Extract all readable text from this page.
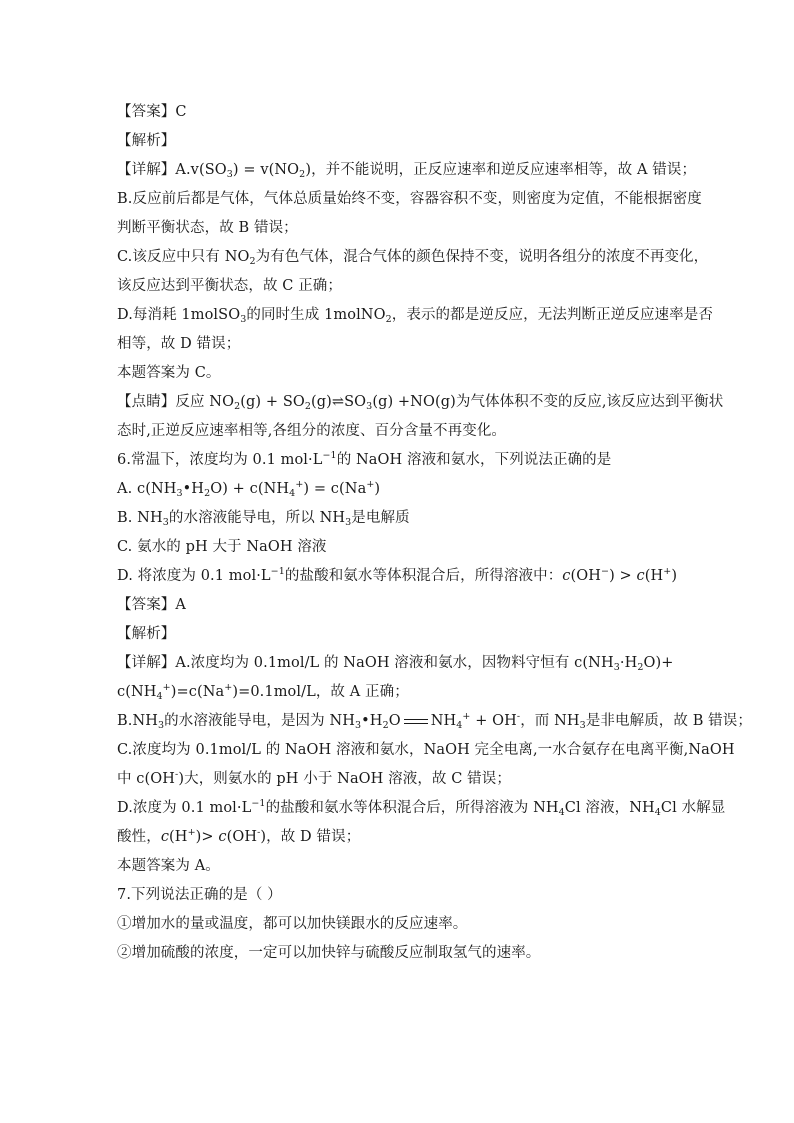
【答案】C
【解析】
【详解】$A.v(SO_3) = v(NO_2)$，并不能说明，正反应速率和逆反应速率相等，故 A 错误；
B.反应前后都是气体，气体总质量始终不变，容器容积不变，则密度为定值，不能根据密度
判断平衡状态，故 B 错误；
C.该反应中只有 $NO_2$为有色气体，混合气体的颜色保持不变，说明各组分的浓度不再变化，
该反应达到平衡状态，故 C 正确；
D.每消耗 1molSO$_3$的同时生成 1molNO$_2$，表示的都是逆反应，无法判断正逆反应速率是否
相等，故 D 错误；
本题答案为 C。
【点睛】反应 $NO_2(g)$ + $SO_2(g)\rightleftharpoons SO_3(g) +NO(g)$为气体体积不变的反应,该反应达到平衡状
态时,正逆反应速率相等,各组分的浓度、百分含量不再变化。
6.常温下，浓度均为 0.1 $mol\cdot L^{-1}$的 NaOH 溶液和氨水，下列说法正确的是
A. $c(NH_3•H_2O) + c(NH_4^+) = c(Na^+)$
B. $NH_3$的水溶液能导电，所以 $NH_3$是电解质
C. 氨水的 pH 大于 NaOH 溶液
D. 将浓度为 0.1 $mol\cdot L^{-1}$的盐酸和氨水等体积混合后，所得溶液中：c(OH−) > c(H+)
【答案】A
【解析】
【详解】A.浓度均为 0.1mol/L 的 NaOH 溶液和氨水，因物料守恒有 $c(NH_3\cdot H_2O)+$
$c(NH_4^+)=c(Na^+)=0.1mol/L$，故 A 正确；
$B.NH_3$的水溶液能导电，是因为 $NH_3•H_2O$ $NH_4^+ + OH^-$，而 $NH_3$是非电解质，故 B 错误；
C.浓度均为 0.1mol/L 的 NaOH 溶液和氨水，NaOH 完全电离,一水合氨存在电离平衡,NaOH
中 c(OH-)大，则氨水的 pH 小于 NaOH 溶液，故 C 错误；
D.浓度为 0.1 $mol\cdot L^{-1}$的盐酸和氨水等体积混合后，所得溶液为 $NH_4Cl$ 溶液，$NH_4Cl$ 水解显
酸性，c(H+)> c(OH-)，故 D 错误；
本题答案为 A。
7.下列说法正确的是（ ）
①增加水的量或温度，都可以加快镁跟水的反应速率。
②增加硫酸的浓度，一定可以加快锌与硫酸反应制取氢气的速率。
